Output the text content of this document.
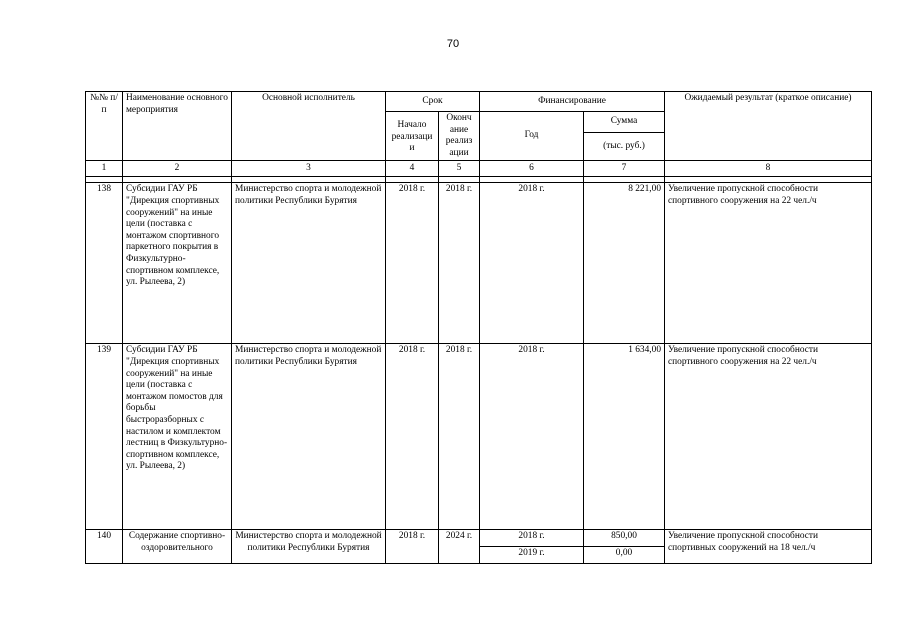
70
№№ п/п	Наименование основного мероприятия	Основной исполнитель	Срок		Финансирование		Ожидаемый результат (краткое описание)
			Начало реализаци и	Оконч ание реализ ации	Год	Сумма	
						(тыс. руб.)	
1	2	3	4	5	6	7	8

138	Субсидии ГАУ РБ "Дирекция спортивных сооружений" на иные цели (поставка с монтажом спортивного паркетного покрытия в Физкультурно-спортивном комплексе, ул. Рылеева, 2)	Министерство спорта и молодежной политики Республики Бурятия	2018 г.	2018 г.	2018 г.	8 221,00	Увеличение пропускной способности спортивного сооружения на 22 чел./ч
139	Субсидии ГАУ РБ "Дирекция спортивных сооружений" на иные цели (поставка с монтажом помостов для борьбы быстроразборных с настилом и комплектом лестниц в Физкультурно-спортивном комплексе, ул. Рылеева, 2)	Министерство спорта и молодежной политики Республики Бурятия	2018 г.	2018 г.	2018 г.	1 634,00	Увеличение пропускной способности спортивного сооружения на 22 чел./ч
140	Содержание спортивно-оздоровительного	Министерство спорта и молодежной политики Республики Бурятия	2018 г.	2024 г.	2018 г.	850,00	Увеличение пропускной способности спортивных сооружений на 18 чел./ч
					2019 г.	0,00	
